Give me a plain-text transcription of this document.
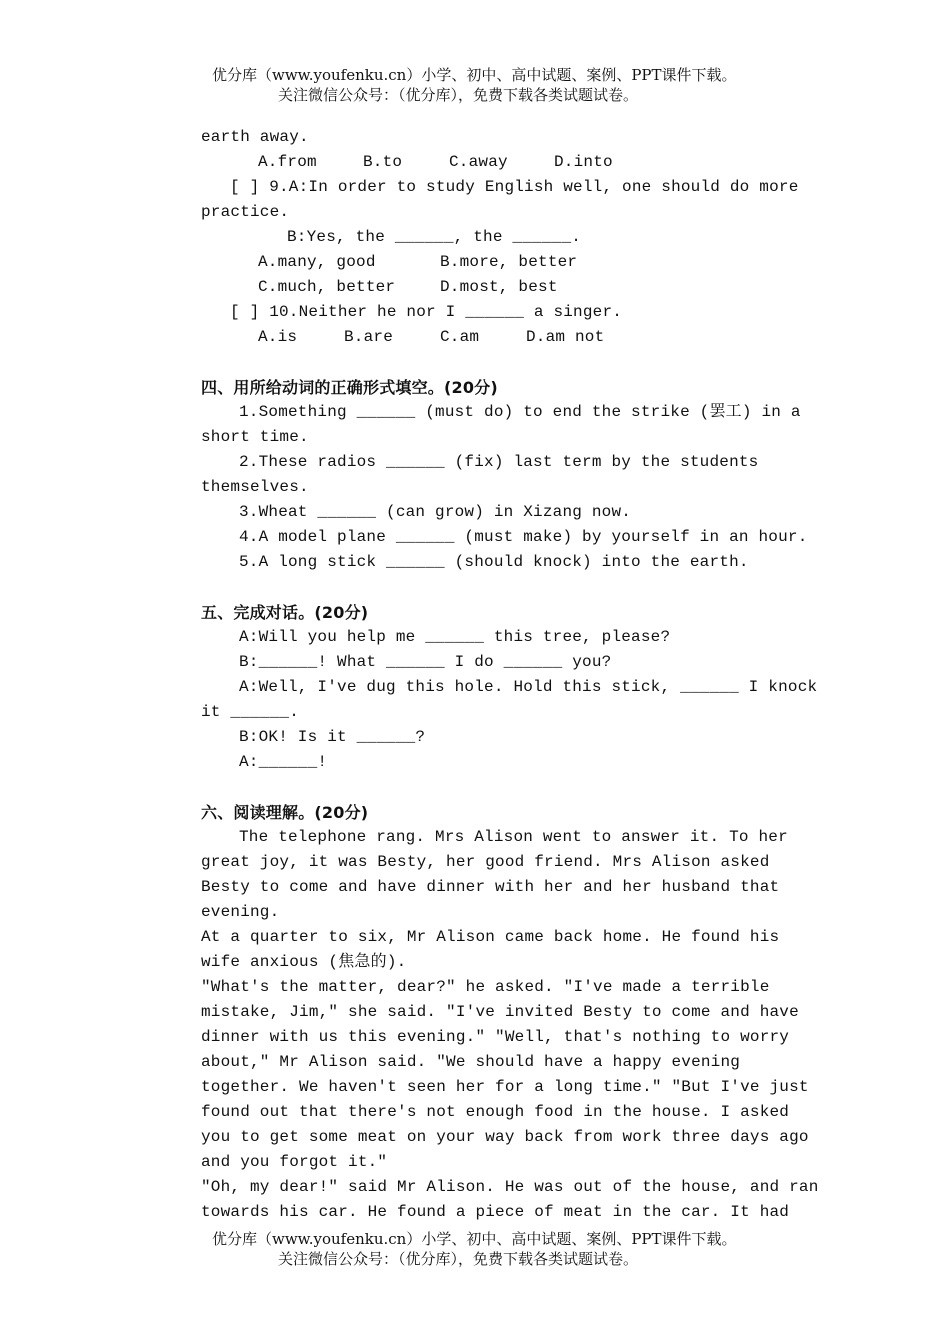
优分库（www.youfenku.cn）小学、初中、高中试题、案例、PPT课件下载。
关注微信公众号：（优分库），免费下载各类试题试卷。
earth away.
A.from	B.to	C.away	D.into
[ ] 9.A:In order to study English well, one should do more
practice.
B:Yes, the ______, the ______.
A.many, good	B.more, better
C.much, better	D.most, best
[ ] 10.Neither he nor I ______ a singer.
A.is	B.are	C.am	D.am not
四、用所给动词的正确形式填空。(20分)
1.Something ______ (must do) to end the strike (罢工) in a
short time.
2.These radios ______ (fix) last term by the students
themselves.
3.Wheat ______ (can grow) in Xizang now.
4.A model plane ______ (must make) by yourself in an hour.
5.A long stick ______ (should knock) into the earth.
五、完成对话。(20分)
A:Will you help me ______ this tree, please?
B:______! What ______ I do ______ you?
A:Well, I've dug this hole. Hold this stick, ______ I knock
it ______.
B:OK! Is it ______?
A:______!
六、阅读理解。(20分)
The telephone rang. Mrs Alison went to answer it. To her
great joy, it was Besty, her good friend. Mrs Alison asked
Besty to come and have dinner with her and her husband that
evening.
At a quarter to six, Mr Alison came back home. He found his
wife anxious (焦急的).
"What's the matter, dear?" he asked. "I've made a terrible
mistake, Jim," she said. "I've invited Besty to come and have
dinner with us this evening." "Well, that's nothing to worry
about," Mr Alison said. "We should have a happy evening
together. We haven't seen her for a long time." "But I've just
found out that there's not enough food in the house. I asked
you to get some meat on your way back from work three days ago
and you forgot it."
"Oh, my dear!" said Mr Alison. He was out of the house, and ran
towards his car. He found a piece of meat in the car. It had
优分库（www.youfenku.cn）小学、初中、高中试题、案例、PPT课件下载。
关注微信公众号：（优分库），免费下载各类试题试卷。
